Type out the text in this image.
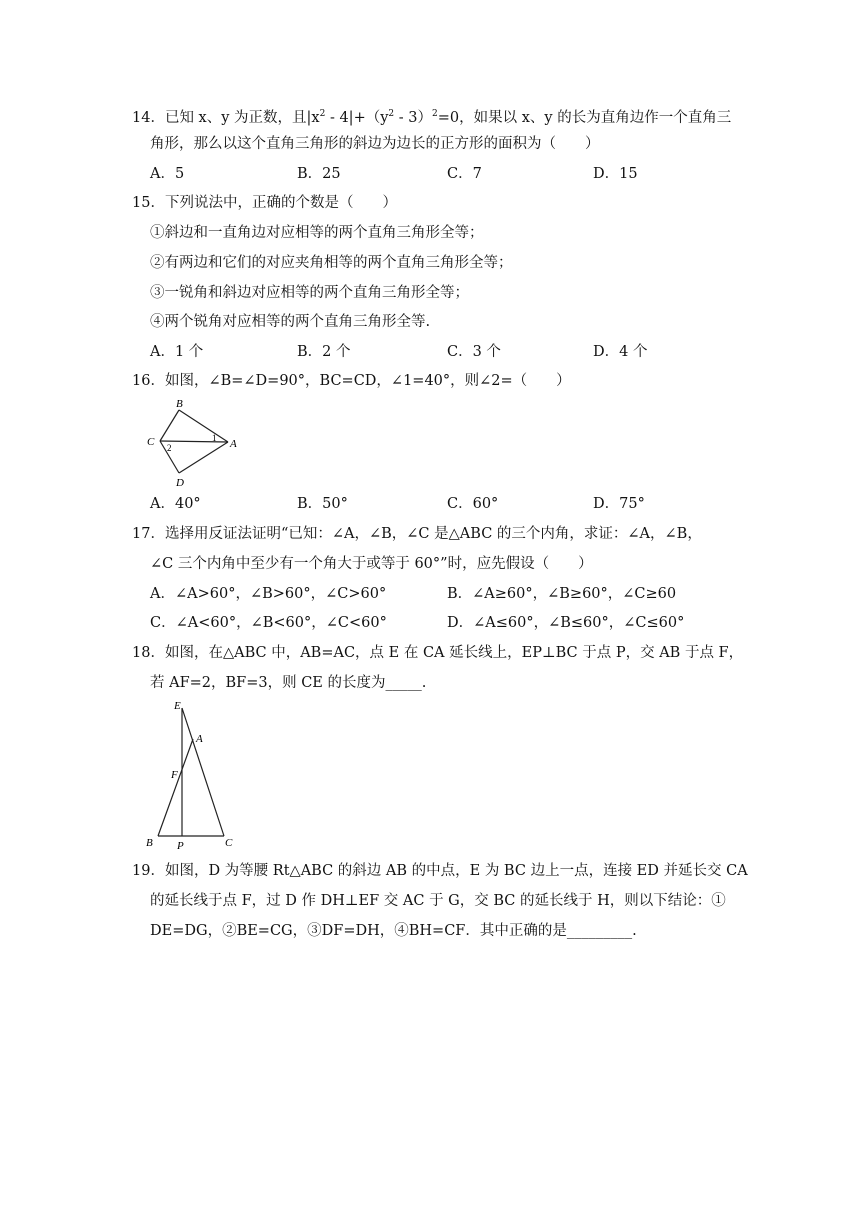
14．已知 x、y 为正数，且$|x^2 - 4|+(y^2 - 3)^2=0$，如果以 x、y 的长为直角边作一个直角三
角形，那么以这个直角三角形的斜边为边长的正方形的面积为（　　）
A．5	B．25	C．7	D．15
15．下列说法中，正确的个数是（　　）
①斜边和一直角边对应相等的两个直角三角形全等；
②有两边和它们的对应夹角相等的两个直角三角形全等；
③一锐角和斜边对应相等的两个直角三角形全等；
④两个锐角对应相等的两个直角三角形全等.
A．1 个	B．2 个	C．3 个	D．4 个
16．如图，∠B=∠D=90°，BC=CD，∠1=40°，则∠2=（　　）
B
C
D
A
1
2
A．40°	B．50°	C．60°	D．75°
17．选择用反证法证明“已知：∠A，∠B，∠C 是△ABC 的三个内角，求证：∠A，∠B，
∠C 三个内角中至少有一个角大于或等于 60°”时，应先假设（　　）
A．∠A>60°，∠B>60°，∠C>60°	B．∠A≥60°，∠B≥60°，∠C≥60
C．∠A<60°，∠B<60°，∠C<60°	D．∠A≤60°，∠B≤60°，∠C≤60°
18．如图，在△ABC 中，AB=AC，点 E 在 CA 延长线上，EP⊥BC 于点 P，交 AB 于点 F，
若 AF=2，BF=3，则 CE 的长度为_____.
E
A
F
B P	C
19．如图，D 为等腰 Rt△ABC 的斜边 AB 的中点，E 为 BC 边上一点，连接 ED 并延长交 CA
的延长线于点 F，过 D 作 DH⊥EF 交 AC 于 G，交 BC 的延长线于 H，则以下结论：①
DE=DG，②BE=CG，③DF=DH，④BH=CF．其中正确的是_________.
